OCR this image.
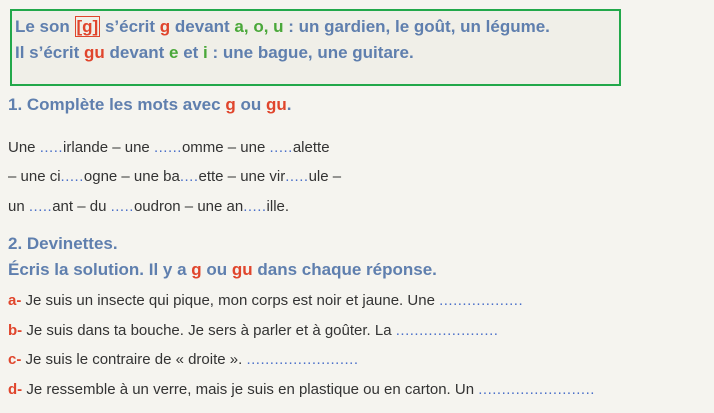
Le son [g] s’écrit g devant a, o, u : un gardien, le goût, un légume.
Il s’écrit gu devant e et i : une bague, une guitare.
1. Complète les mots avec g ou gu.
Une .....irlande – une ......omme – une .....alette
– une ci.....ogne – une ba....ette – une vir.....ule –
un .....ant – du .....oudron – une an.....ille.
2. Devinettes.
Écris la solution. Il y a g ou gu dans chaque réponse.
a- Je suis un insecte qui pique, mon corps est noir et jaune. Une ..................
b- Je suis dans ta bouche. Je sers à parler et à goûter. La ......................
c- Je suis le contraire de « droite ». ........................
d- Je ressemble à un verre, mais je suis en plastique ou en carton. Un .........................
